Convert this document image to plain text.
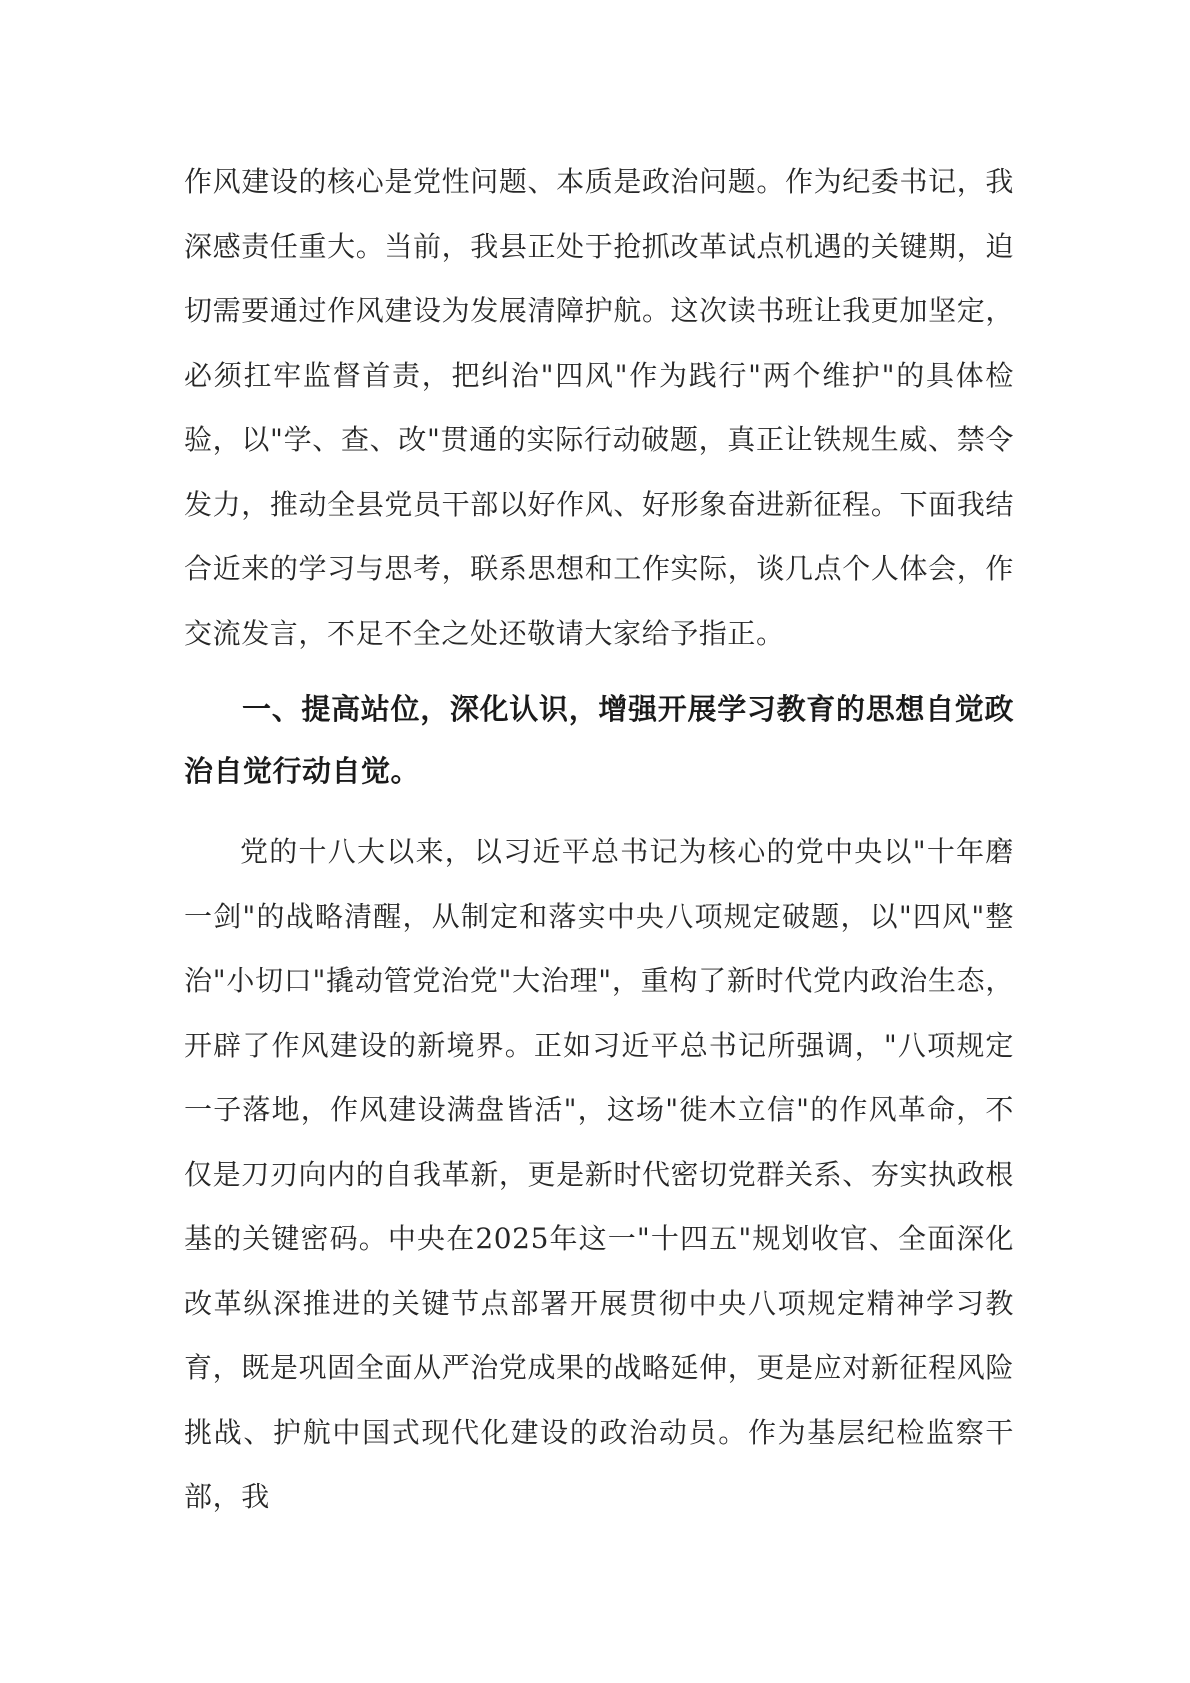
作风建设的核心是党性问题、本质是政治问题。作为纪委书记，我深感责任重大。当前，我县正处于抢抓改革试点机遇的关键期，迫切需要通过作风建设为发展清障护航。这次读书班让我更加坚定，必须扛牢监督首责，把纠治"四风"作为践行"两个维护"的具体检验，以"学、查、改"贯通的实际行动破题，真正让铁规生威、禁令发力，推动全县党员干部以好作风、好形象奋进新征程。下面我结合近来的学习与思考，联系思想和工作实际，谈几点个人体会，作交流发言，不足不全之处还敬请大家给予指正。

一、提高站位，深化认识，增强开展学习教育的思想自觉政治自觉行动自觉。

党的十八大以来，以习近平总书记为核心的党中央以"十年磨一剑"的战略清醒，从制定和落实中央八项规定破题，以"四风"整治"小切口"撬动管党治党"大治理"，重构了新时代党内政治生态，开辟了作风建设的新境界。正如习近平总书记所强调，"八项规定一子落地，作风建设满盘皆活"，这场"徙木立信"的作风革命，不仅是刀刃向内的自我革新，更是新时代密切党群关系、夯实执政根基的关键密码。中央在2025年这一"十四五"规划收官、全面深化改革纵深推进的关键节点部署开展贯彻中央八项规定精神学习教育，既是巩固全面从严治党成果的战略延伸，更是应对新征程风险挑战、护航中国式现代化建设的政治动员。作为基层纪检监察干部，我
